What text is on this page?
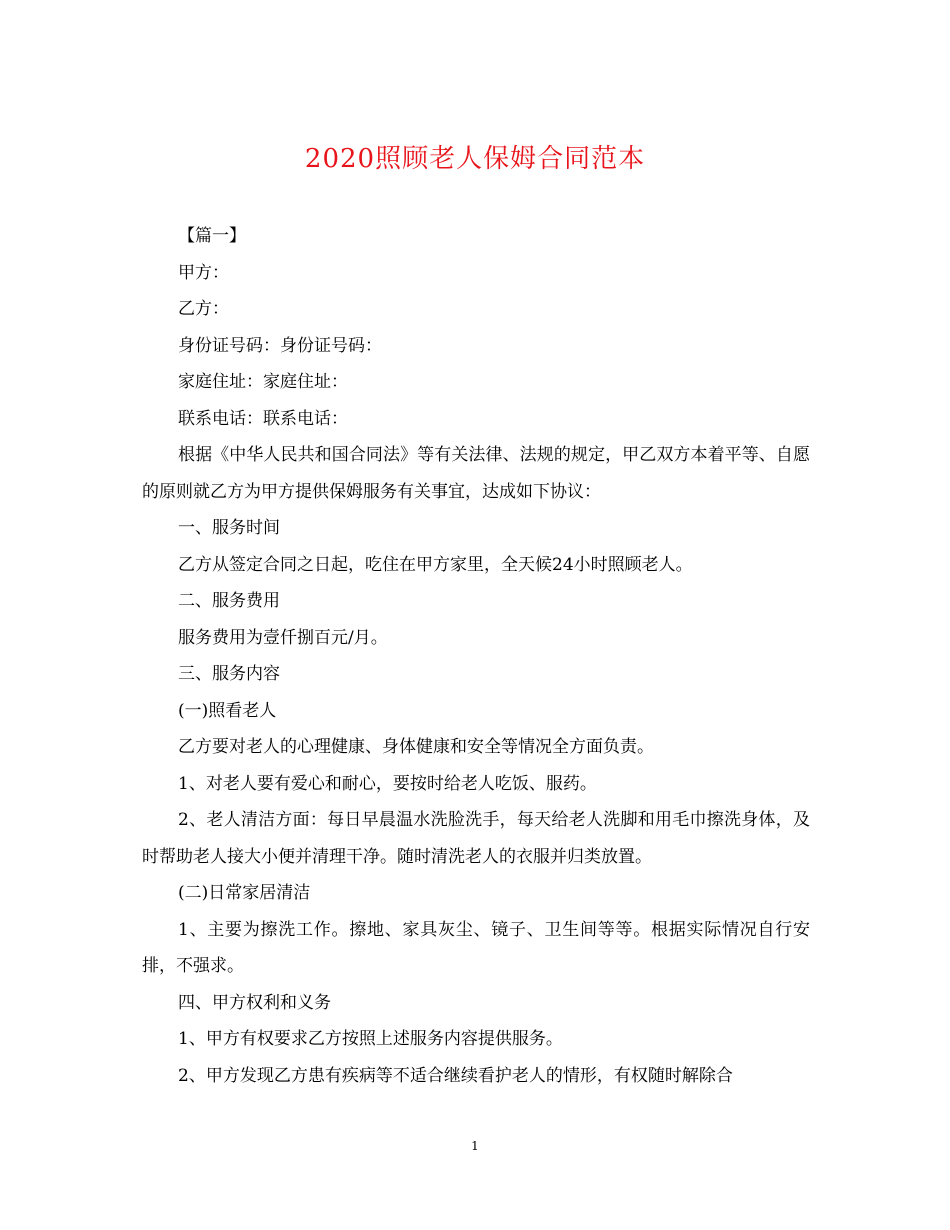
2020照顾老人保姆合同范本

【篇一】

甲方：

乙方：

身份证号码：身份证号码：

家庭住址：家庭住址：

联系电话：联系电话：

根据《中华人民共和国合同法》等有关法律、法规的规定，甲乙双方本着平等、自愿的原则就乙方为甲方提供保姆服务有关事宜，达成如下协议：

一、服务时间

乙方从签定合同之日起，吃住在甲方家里，全天候24小时照顾老人。

二、服务费用

服务费用为壹仟捌百元/月。

三、服务内容

(一)照看老人

乙方要对老人的心理健康、身体健康和安全等情况全方面负责。

1、对老人要有爱心和耐心，要按时给老人吃饭、服药。

2、老人清洁方面：每日早晨温水洗脸洗手，每天给老人洗脚和用毛巾擦洗身体，及时帮助老人接大小便并清理干净。随时清洗老人的衣服并归类放置。

(二)日常家居清洁

1、主要为擦洗工作。擦地、家具灰尘、镜子、卫生间等等。根据实际情况自行安排，不强求。

四、甲方权利和义务

1、甲方有权要求乙方按照上述服务内容提供服务。

2、甲方发现乙方患有疾病等不适合继续看护老人的情形，有权随时解除合

1
